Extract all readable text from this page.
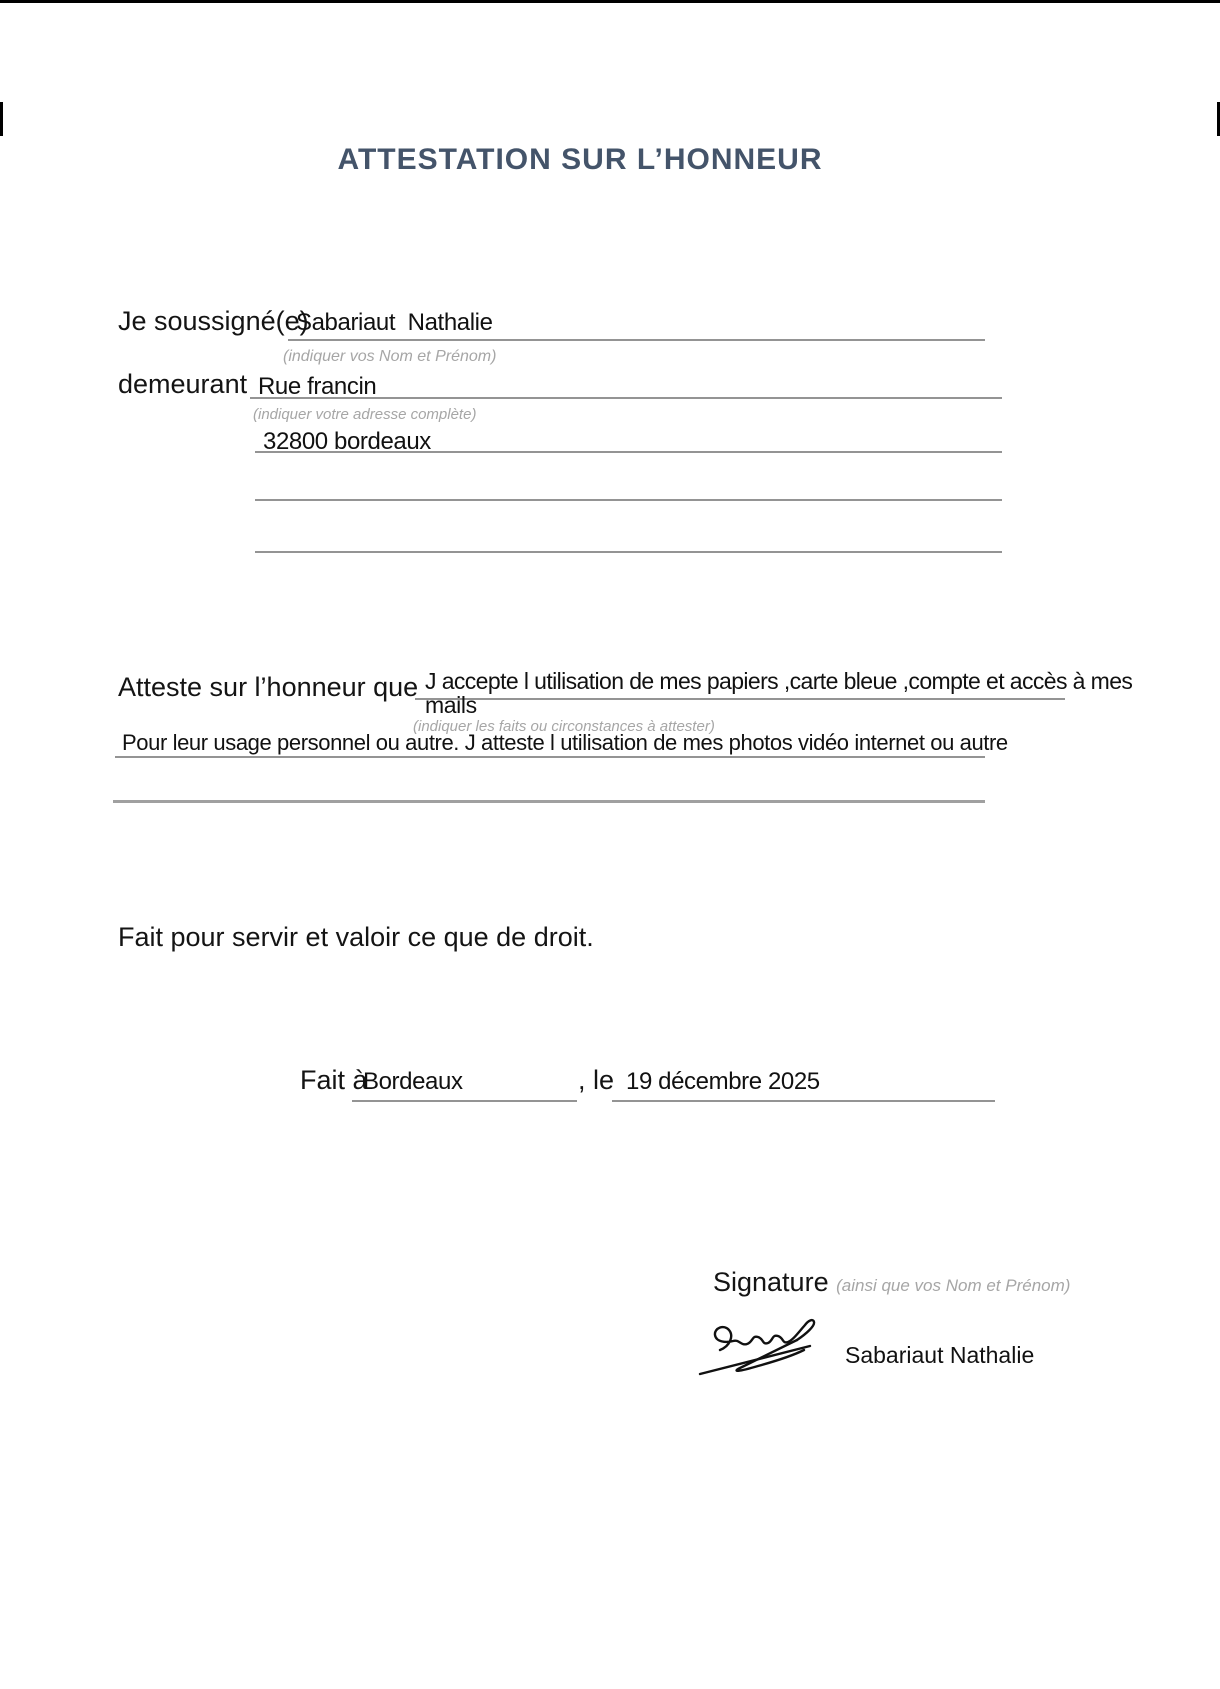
ATTESTATION SUR L’HONNEUR
Je soussigné(e)
Sabariaut  Nathalie
(indiquer vos Nom et Prénom)
demeurant Rue francin
(indiquer votre adresse complète)
32800 bordeaux
Atteste sur l’honneur que J accepte l utilisation de mes papiers ,carte bleue ,compte et accès à mes
mails
(indiquer les faits ou circonstances à attester)
Pour leur usage personnel ou autre. J atteste l utilisation de mes photos vidéo internet ou autre
Fait pour servir et valoir ce que de droit.
Fait à
Bordeaux	, le 19 décembre 2025
Signature (ainsi que vos Nom et Prénom)
Sabariaut Nathalie
